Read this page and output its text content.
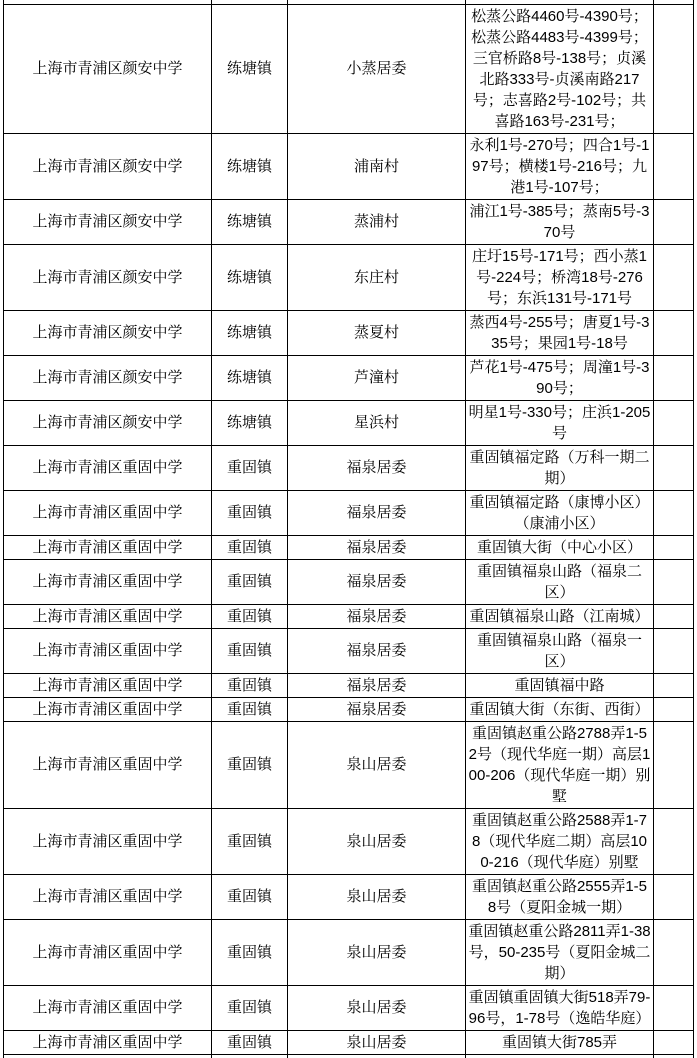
上海市青浦区颜安中学	练塘镇	小蒸居委	松蒸公路4460号-4390号；松蒸公路4483号-4399号；三官桥路8号-138号；贞溪北路333号-贞溪南路217号；志喜路2号-102号；共喜路163号-231号；	
上海市青浦区颜安中学	练塘镇	浦南村	永利1号-270号；四合1号-197号；横楼1号-216号；九港1号-107号；	
上海市青浦区颜安中学	练塘镇	蒸浦村	浦江1号-385号；蒸南5号-370号	
上海市青浦区颜安中学	练塘镇	东庄村	庄圩15号-171号；西小蒸1号-224号；桥湾18号-276号；东浜131号-171号	
上海市青浦区颜安中学	练塘镇	蒸夏村	蒸西4号-255号；唐夏1号-335号；果园1号-18号	
上海市青浦区颜安中学	练塘镇	芦潼村	芦花1号-475号；周潼1号-390号；	
上海市青浦区颜安中学	练塘镇	星浜村	明星1号-330号；庄浜1-205号	
上海市青浦区重固中学	重固镇	福泉居委	重固镇福定路（万科一期二期）	
上海市青浦区重固中学	重固镇	福泉居委	重固镇福定路（康博小区）（康浦小区）	
上海市青浦区重固中学	重固镇	福泉居委	重固镇大街（中心小区）	
上海市青浦区重固中学	重固镇	福泉居委	重固镇福泉山路（福泉二区）	
上海市青浦区重固中学	重固镇	福泉居委	重固镇福泉山路（江南城）	
上海市青浦区重固中学	重固镇	福泉居委	重固镇福泉山路（福泉一区）	
上海市青浦区重固中学	重固镇	福泉居委	重固镇福中路	
上海市青浦区重固中学	重固镇	福泉居委	重固镇大街（东街、西街）	
上海市青浦区重固中学	重固镇	泉山居委	重固镇赵重公路2788弄1-52号（现代华庭一期）高层100-206（现代华庭一期）别墅	
上海市青浦区重固中学	重固镇	泉山居委	重固镇赵重公路2588弄1-78（现代华庭二期）高层100-216（现代华庭）别墅	
上海市青浦区重固中学	重固镇	泉山居委	重固镇赵重公路2555弄1-58号（夏阳金城一期）	
上海市青浦区重固中学	重固镇	泉山居委	重固镇赵重公路2811弄1-38号，50-235号（夏阳金城二期）	
上海市青浦区重固中学	重固镇	泉山居委	重固镇重固镇大街518弄79-96号，1-78号（逸皓华庭）	
上海市青浦区重固中学	重固镇	泉山居委	重固镇大街785弄	
